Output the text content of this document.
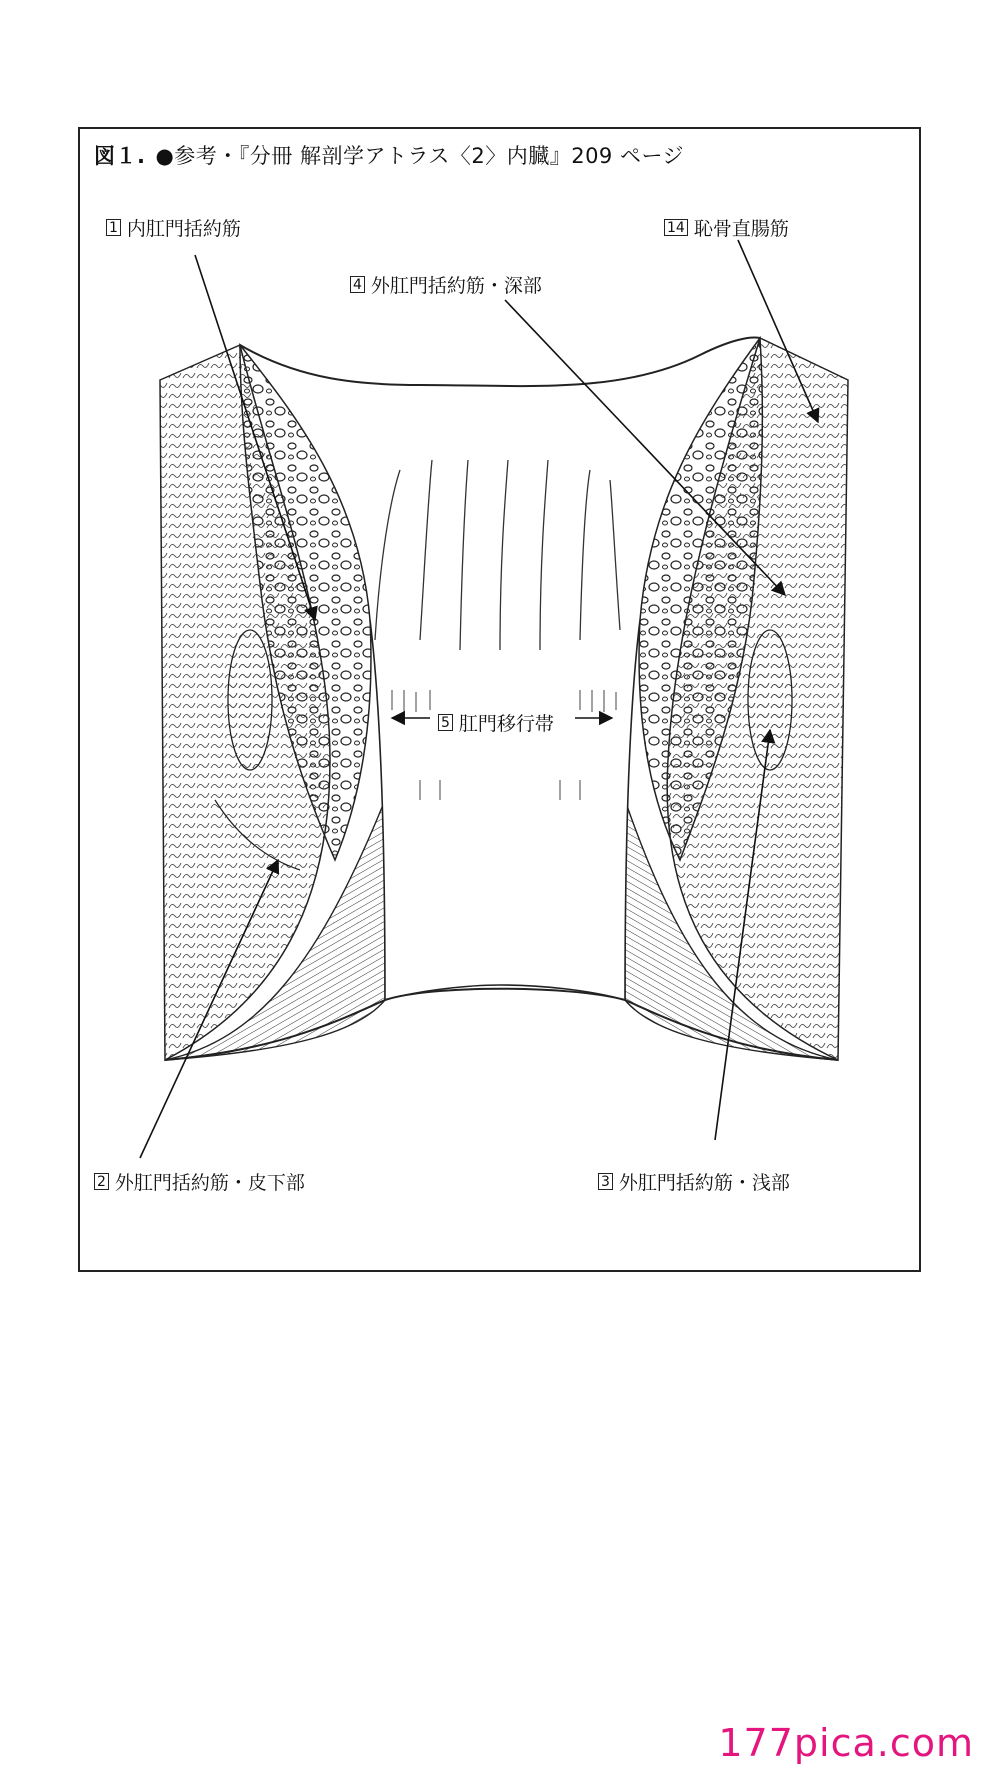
図１. ●参考・『分冊 解剖学アトラス〈2〉内臓』209 ページ
1 内肛門括約筋	14 恥骨直腸筋
4 外肛門括約筋・深部
5 肛門移行帯
2 外肛門括約筋・皮下部	3 外肛門括約筋・浅部
177pica.com
